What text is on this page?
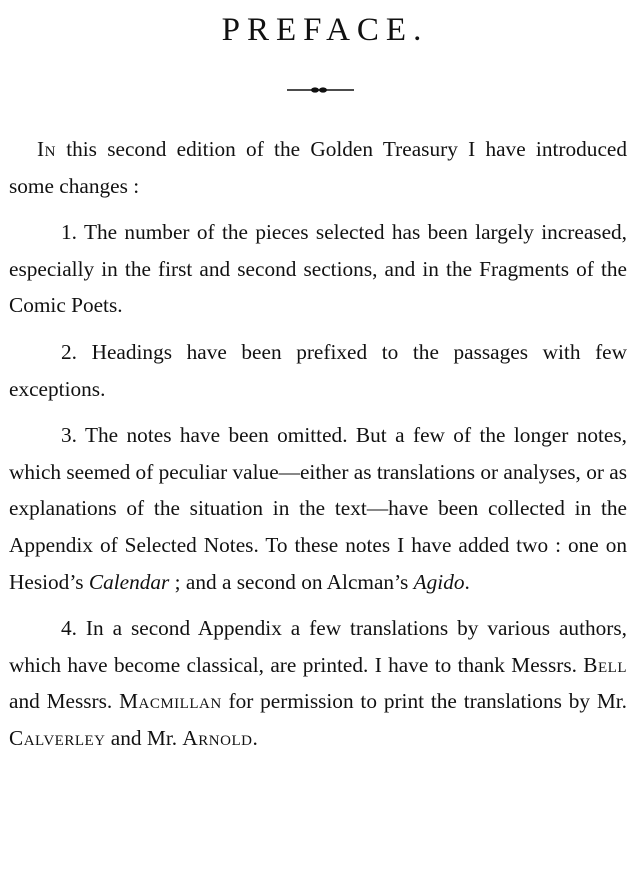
PREFACE.

In this second edition of the Golden Treasury I have introduced some changes :

1. The number of the pieces selected has been largely increased, especially in the first and second sections, and in the Fragments of the Comic Poets.

2. Headings have been prefixed to the passages with few exceptions.

3. The notes have been omitted. But a few of the longer notes, which seemed of peculiar value—either as translations or analyses, or as explanations of the situation in the text—have been collected in the Appendix of Selected Notes. To these notes I have added two : one on Hesiod’s Calendar ; and a second on Alcman’s Agido.

4. In a second Appendix a few translations by various authors, which have become classical, are printed. I have to thank Messrs. Bell and Messrs. Macmillan for permission to print the translations by Mr. Calverley and Mr. Arnold.
